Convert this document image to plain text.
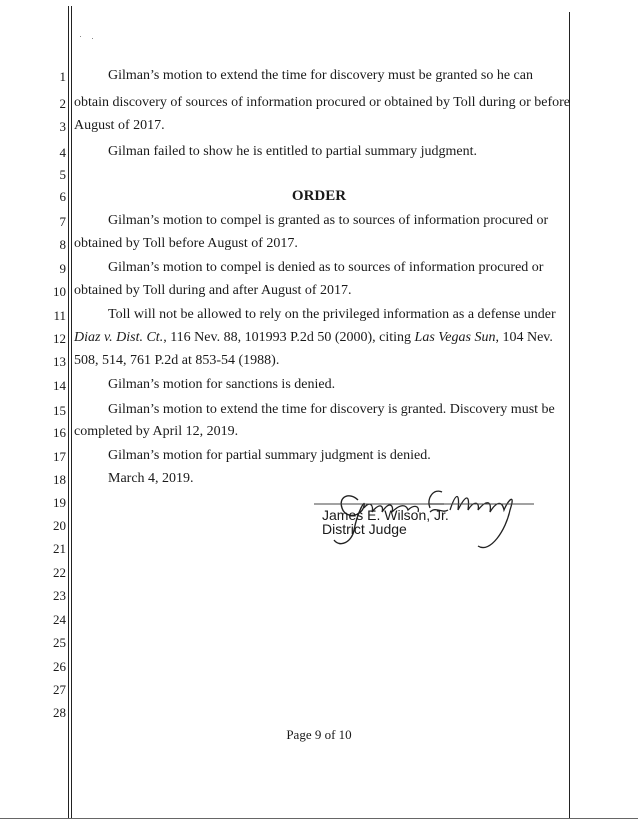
1
2
3
4
5
6
7
8
9
10
11
12
13
14
15
16
17
18
19
20
21
22
23
24
25
26
27
28
Gilman’s motion to extend the time for discovery must be granted so he can
obtain discovery of sources of information procured or obtained by Toll during or before
August of 2017.
Gilman failed to show he is entitled to partial summary judgment.
ORDER
Gilman’s motion to compel is granted as to sources of information procured or
obtained by Toll before August of 2017.
Gilman’s motion to compel is denied as to sources of information procured or
obtained by Toll during and after August of 2017.
Toll will not be allowed to rely on the privileged information as a defense under
Diaz v. Dist. Ct., 116 Nev. 88, 101993 P.2d 50 (2000), citing Las Vegas Sun, 104 Nev.
508, 514, 761 P.2d at 853-54 (1988).
Gilman’s motion for sanctions is denied.
Gilman’s motion to extend the time for discovery is granted. Discovery must be
completed by April 12, 2019.
Gilman’s motion for partial summary judgment is denied.
March 4, 2019.
James E. Wilson, Jr.
District Judge
Page 9 of 10
